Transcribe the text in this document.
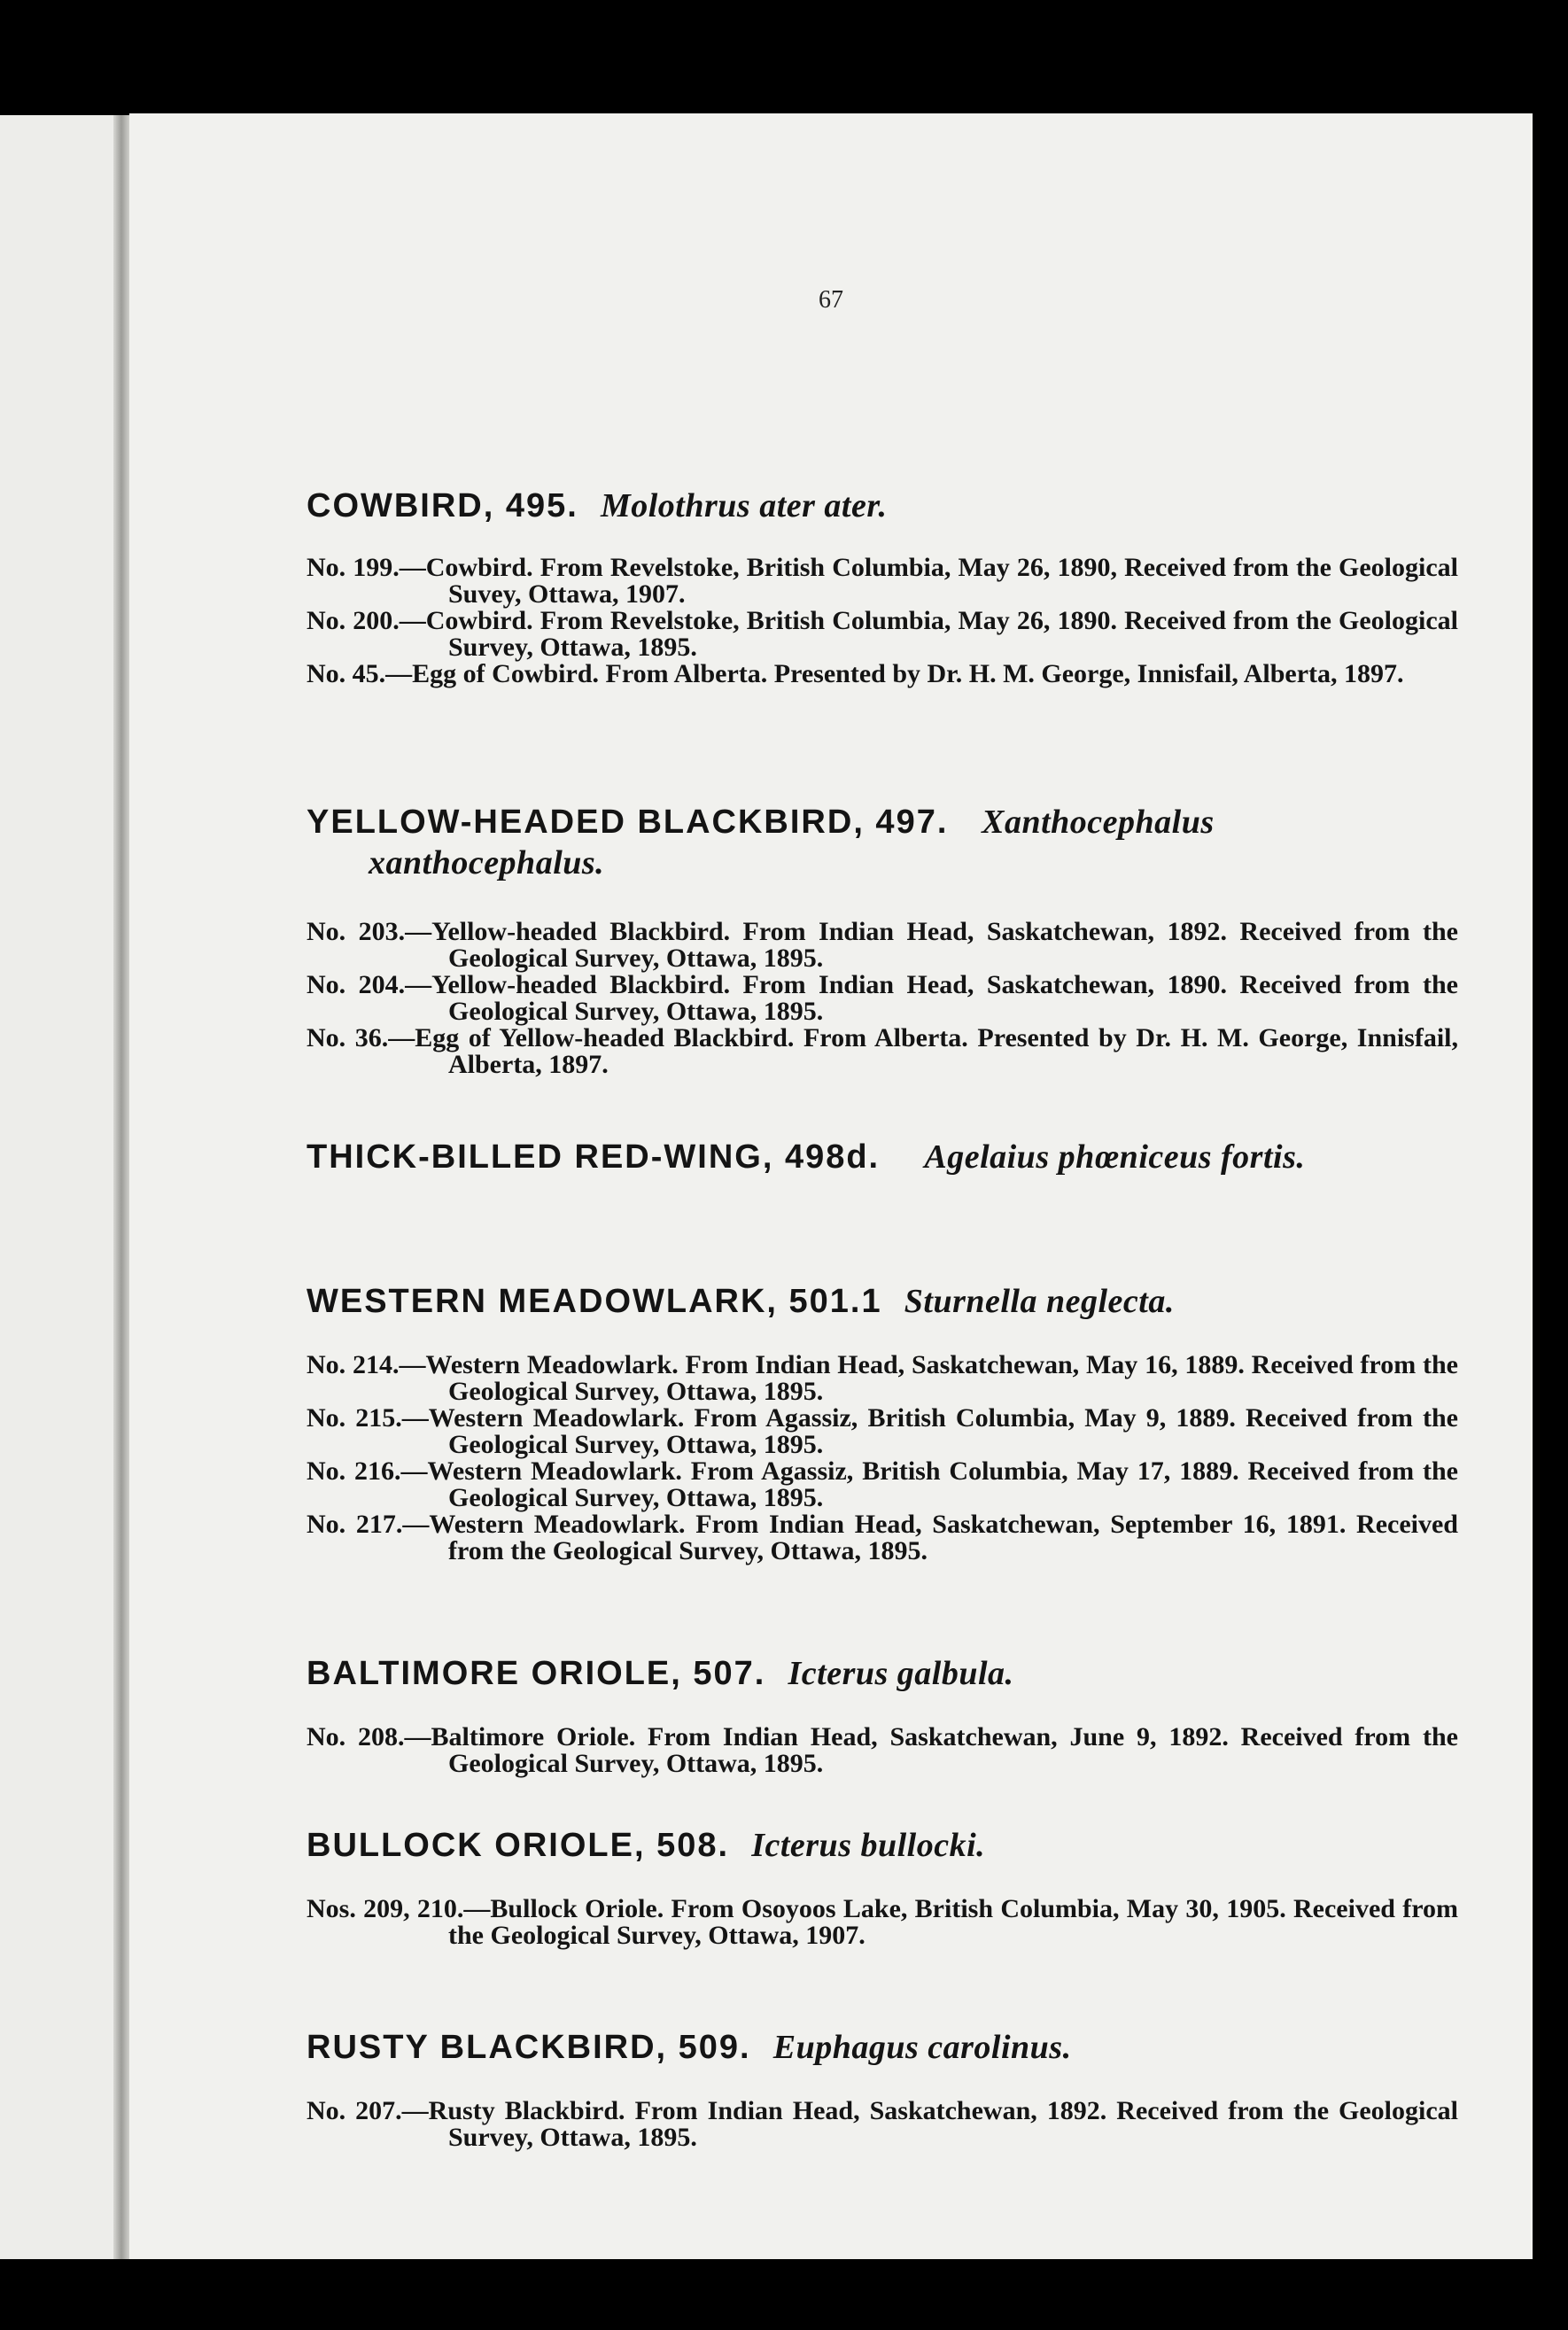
67
COWBIRD, 495. Molothrus ater ater.
No. 199.—Cowbird. From Revelstoke, British Columbia, May 26, 1890, Received from the Geological Suvey, Ottawa, 1907.
No. 200.—Cowbird. From Revelstoke, British Columbia, May 26, 1890. Received from the Geological Survey, Ottawa, 1895.
No. 45.—Egg of Cowbird. From Alberta. Presented by Dr. H. M. George, Innisfail, Alberta, 1897.
YELLOW-HEADED BLACKBIRD, 497. Xanthocephalus xanthocephalus.
No. 203.—Yellow-headed Blackbird. From Indian Head, Saskatchewan, 1892. Received from the Geological Survey, Ottawa, 1895.
No. 204.—Yellow-headed Blackbird. From Indian Head, Saskatchewan, 1890. Received from the Geological Survey, Ottawa, 1895.
No. 36.—Egg of Yellow-headed Blackbird. From Alberta. Presented by Dr. H. M. George, Innisfail, Alberta, 1897.
THICK-BILLED RED-WING, 498d. Agelaius phœniceus fortis.
WESTERN MEADOWLARK, 501.1 Sturnella neglecta.
No. 214.—Western Meadowlark. From Indian Head, Saskatchewan, May 16, 1889. Received from the Geological Survey, Ottawa, 1895.
No. 215.—Western Meadowlark. From Agassiz, British Columbia, May 9, 1889. Received from the Geological Survey, Ottawa, 1895.
No. 216.—Western Meadowlark. From Agassiz, British Columbia, May 17, 1889. Received from the Geological Survey, Ottawa, 1895.
No. 217.—Western Meadowlark. From Indian Head, Saskatchewan, September 16, 1891. Received from the Geological Survey, Ottawa, 1895.
BALTIMORE ORIOLE, 507. Icterus galbula.
No. 208.—Baltimore Oriole. From Indian Head, Saskatchewan, June 9, 1892. Received from the Geological Survey, Ottawa, 1895.
BULLOCK ORIOLE, 508. Icterus bullocki.
Nos. 209, 210.—Bullock Oriole. From Osoyoos Lake, British Columbia, May 30, 1905. Received from the Geological Survey, Ottawa, 1907.
RUSTY BLACKBIRD, 509. Euphagus carolinus.
No. 207.—Rusty Blackbird. From Indian Head, Saskatchewan, 1892. Received from the Geological Survey, Ottawa, 1895.
